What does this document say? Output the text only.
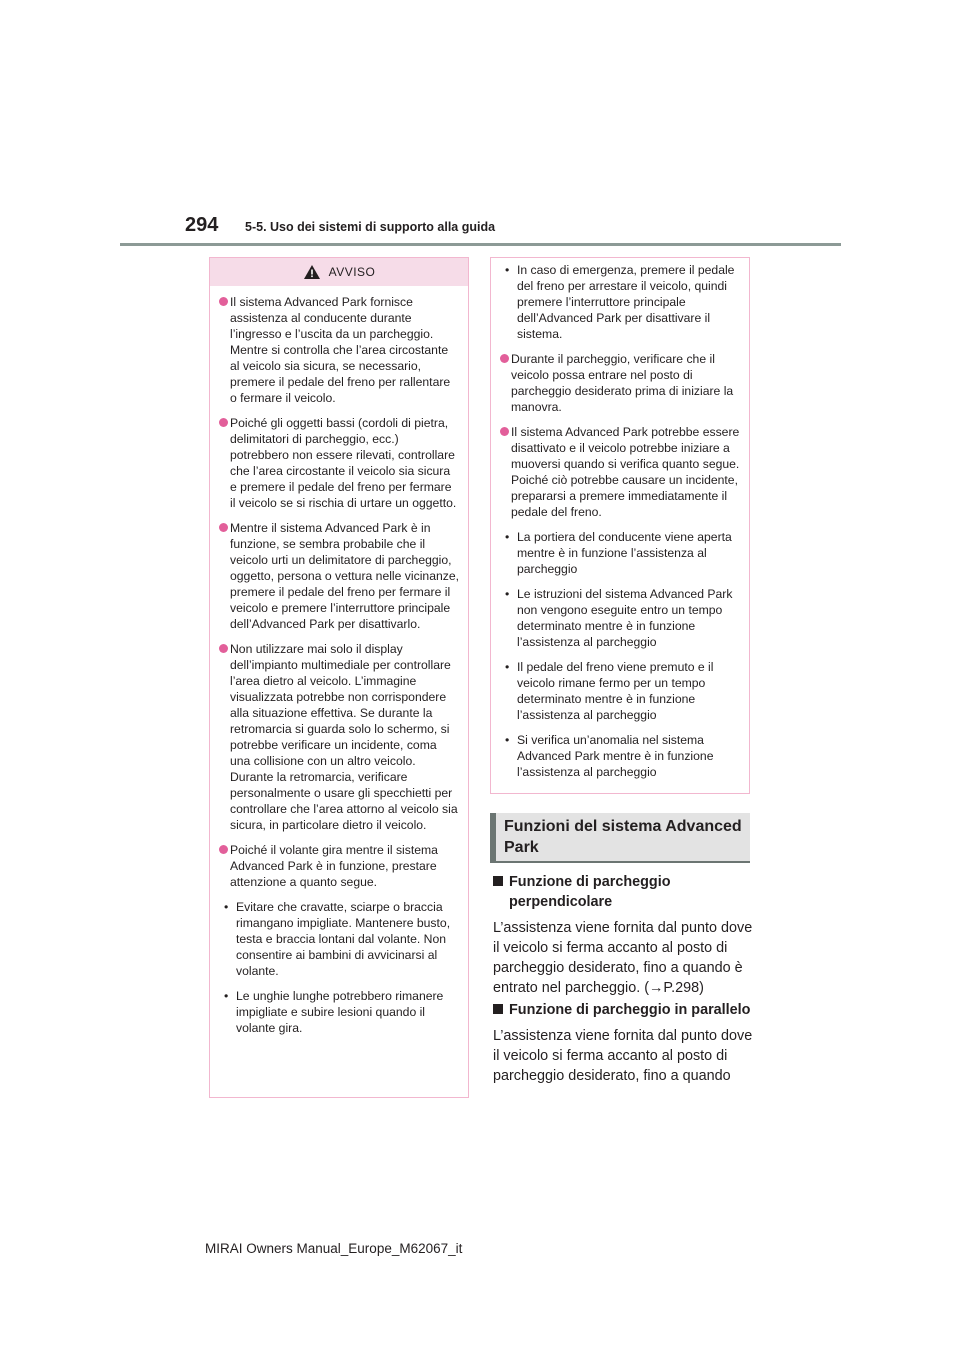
294 5-5. Uso dei sistemi di supporto alla guida
AVVISO
Il sistema Advanced Park fornisce assistenza al conducente durante l’ingresso e l’uscita da un parcheggio. Mentre si controlla che l’area circostante al veicolo sia sicura, se necessario, premere il pedale del freno per rallentare o fermare il veicolo.
Poiché gli oggetti bassi (cordoli di pietra, delimitatori di parcheggio, ecc.) potrebbero non essere rilevati, controllare che l’area circostante il veicolo sia sicura e premere il pedale del freno per fermare il veicolo se si rischia di urtare un oggetto.
Mentre il sistema Advanced Park è in funzione, se sembra probabile che il veicolo urti un delimitatore di parcheggio, oggetto, persona o vettura nelle vicinanze, premere il pedale del freno per fermare il veicolo e premere l’interruttore principale dell’Advanced Park per disattivarlo.
Non utilizzare mai solo il display dell’impianto multimediale per controllare l’area dietro al veicolo. L’immagine visualizzata potrebbe non corrispondere alla situazione effettiva. Se durante la retromarcia si guarda solo lo schermo, si potrebbe verificare un incidente, coma una collisione con un altro veicolo. Durante la retromarcia, verificare personalmente o usare gli specchietti per controllare che l’area attorno al veicolo sia sicura, in particolare dietro il veicolo.
Poiché il volante gira mentre il sistema Advanced Park è in funzione, prestare attenzione a quanto segue.
• Evitare che cravatte, sciarpe o braccia rimangano impigliate. Mantenere busto, testa e braccia lontani dal volante. Non consentire ai bambini di avvicinarsi al volante.
• Le unghie lunghe potrebbero rimanere impigliate e subire lesioni quando il volante gira.
• In caso di emergenza, premere il pedale del freno per arrestare il veicolo, quindi premere l’interruttore principale dell’Advanced Park per disattivare il sistema.
Durante il parcheggio, verificare che il veicolo possa entrare nel posto di parcheggio desiderato prima di iniziare la manovra.
Il sistema Advanced Park potrebbe essere disattivato e il veicolo potrebbe iniziare a muoversi quando si verifica quanto segue. Poiché ciò potrebbe causare un incidente, prepararsi a premere immediatamente il pedale del freno.
• La portiera del conducente viene aperta mentre è in funzione l’assistenza al parcheggio
• Le istruzioni del sistema Advanced Park non vengono eseguite entro un tempo determinato mentre è in funzione l’assistenza al parcheggio
• Il pedale del freno viene premuto e il veicolo rimane fermo per un tempo determinato mentre è in funzione l’assistenza al parcheggio
• Si verifica un’anomalia nel sistema Advanced Park mentre è in funzione l’assistenza al parcheggio
Funzioni del sistema Advanced Park
Funzione di parcheggio perpendicolare
L’assistenza viene fornita dal punto dove il veicolo si ferma accanto al posto di parcheggio desiderato, fino a quando è entrato nel parcheggio. (→P.298)
Funzione di parcheggio in parallelo
L’assistenza viene fornita dal punto dove il veicolo si ferma accanto al posto di parcheggio desiderato, fino a quando
MIRAI Owners Manual_Europe_M62067_it
